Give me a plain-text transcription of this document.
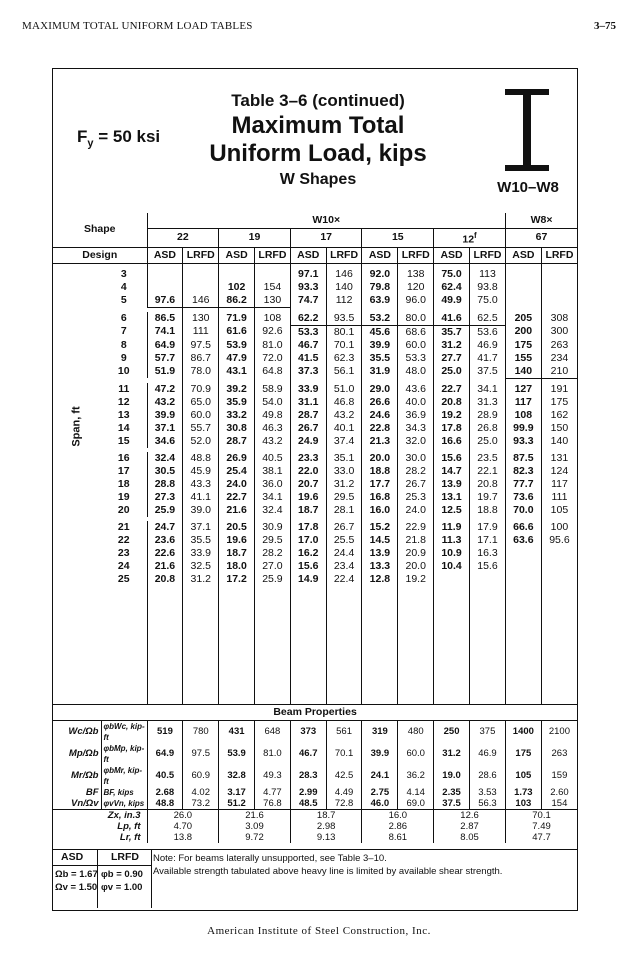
MAXIMUM TOTAL UNIFORM LOAD TABLES	3–75
$F_y = 50$ ksi
Table 3–6 (continued)
Maximum Total
Uniform Load, kips
W Shapes	W10–W8
Shape		W10×										W8×		
		22		19		17		15		12$^f$		67		
Design		ASD	LRFD	ASD	LRFD	ASD	LRFD	ASD	LRFD	ASD	LRFD	ASD	LRFD	

Span, ft	3					97.1	146	92.0	138	75.0	113			
	4			102	154	93.3	140	79.8	120	62.4	93.8			
	5	97.6	146	86.2	130	74.7	112	63.9	96.0	49.9	75.0			

	6	86.5	130	71.9	108	62.2	93.5	53.2	80.0	41.6	62.5	205	308	
	7	74.1	111	61.6	92.6	53.3	80.1	45.6	68.6	35.7	53.6	200	300	
	8	64.9	97.5	53.9	81.0	46.7	70.1	39.9	60.0	31.2	46.9	175	263	
	9	57.7	86.7	47.9	72.0	41.5	62.3	35.5	53.3	27.7	41.7	155	234	
	10	51.9	78.0	43.1	64.8	37.3	56.1	31.9	48.0	25.0	37.5	140	210	

	11	47.2	70.9	39.2	58.9	33.9	51.0	29.0	43.6	22.7	34.1	127	191	
	12	43.2	65.0	35.9	54.0	31.1	46.8	26.6	40.0	20.8	31.3	117	175	
	13	39.9	60.0	33.2	49.8	28.7	43.2	24.6	36.9	19.2	28.9	108	162	
	14	37.1	55.7	30.8	46.3	26.7	40.1	22.8	34.3	17.8	26.8	99.9	150	
	15	34.6	52.0	28.7	43.2	24.9	37.4	21.3	32.0	16.6	25.0	93.3	140	

	16	32.4	48.8	26.9	40.5	23.3	35.1	20.0	30.0	15.6	23.5	87.5	131	
	17	30.5	45.9	25.4	38.1	22.0	33.0	18.8	28.2	14.7	22.1	82.3	124	
	18	28.8	43.3	24.0	36.0	20.7	31.2	17.7	26.7	13.9	20.8	77.7	117	
	19	27.3	41.1	22.7	34.1	19.6	29.5	16.8	25.3	13.1	19.7	73.6	111	
	20	25.9	39.0	21.6	32.4	18.7	28.1	16.0	24.0	12.5	18.8	70.0	105	

	21	24.7	37.1	20.5	30.9	17.8	26.7	15.2	22.9	11.9	17.9	66.6	100	
	22	23.6	35.5	19.6	29.5	17.0	25.5	14.5	21.8	11.3	17.1	63.6	95.6	
	23	22.6	33.9	18.7	28.2	16.2	24.4	13.9	20.9	10.9	16.3			
	24	21.6	32.5	18.0	27.0	15.6	23.4	13.3	20.0	10.4	15.6			
	25	20.8	31.2	17.2	25.9	14.9	22.4	12.8	19.2					

Beam Properties														
Wc/Ωb	φbWc, kip-ft	519	780	431	648	373	561	319	480	250	375	1400	2100	
Mp/Ωb	φbMp, kip-ft	64.9	97.5	53.9	81.0	46.7	70.1	39.9	60.0	31.2	46.9	175	263	
Mr/Ωb	φbMr, kip-ft	40.5	60.9	32.8	49.3	28.3	42.5	24.1	36.2	19.0	28.6	105	159	
BF	BF, kips	2.68	4.02	3.17	4.77	2.99	4.49	2.75	4.14	2.35	3.53	1.73	2.60	
Vn/Ωv	φvVn, kips	48.8	73.2	51.2	76.8	48.5	72.8	46.0	69.0	37.5	56.3	103	154	
Zx, in.3		26.0		21.6		18.7		16.0		12.6		70.1		
Lp, ft		4.70		3.09		2.98		2.86		2.87		7.49		
Lr, ft		13.8		9.72		9.13		8.61		8.05		47.7		
ASD	LRFD
Ωb = 1.67
Ωv = 1.50
φb = 0.90
φv = 1.00
Note: For beams laterally unsupported, see Table 3–10.
Available strength tabulated above heavy line is limited by available shear strength.
American Institute of Steel Construction, Inc.
